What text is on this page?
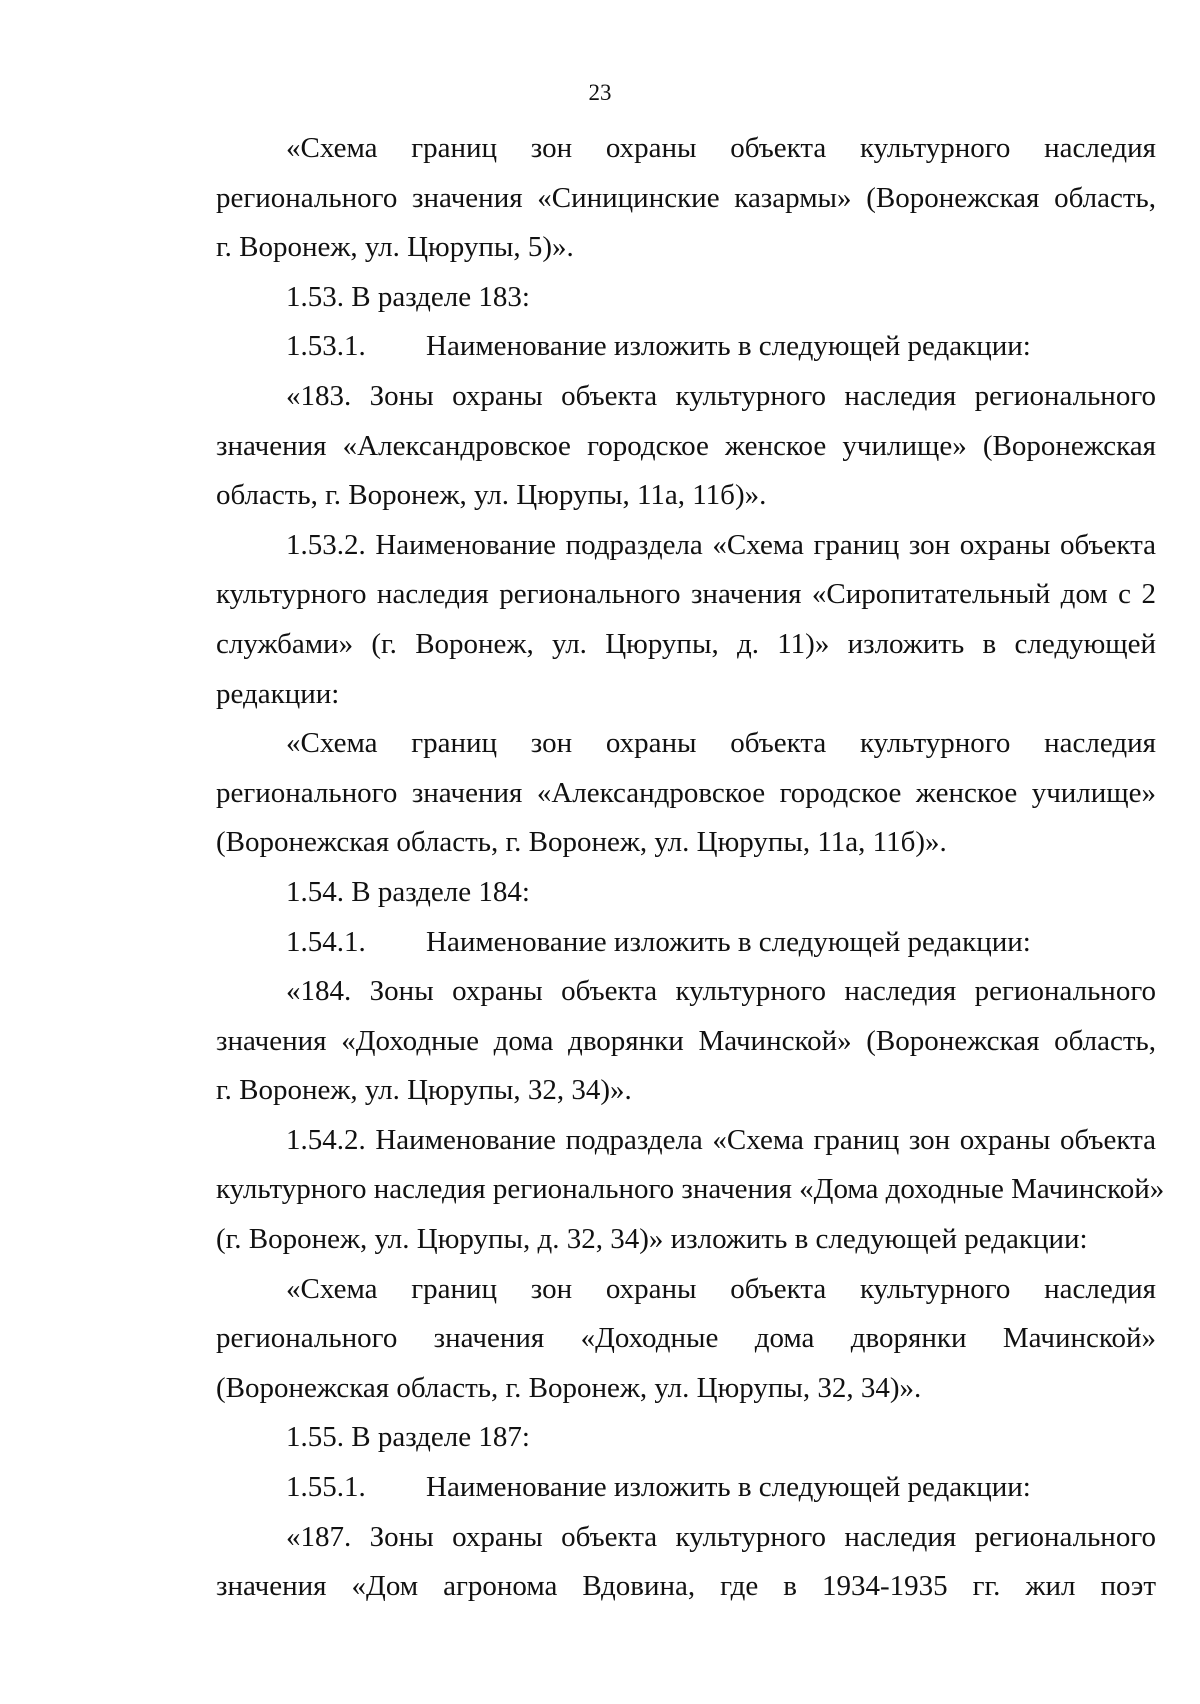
23
«Схема границ зон охраны объекта культурного наследия
регионального значения «Синицинские казармы» (Воронежская область,
г. Воронеж, ул. Цюрупы, 5)».
1.53. В разделе 183:
1.53.1. Наименование изложить в следующей редакции:
«183. Зоны охраны объекта культурного наследия регионального
значения «Александровское городское женское училище» (Воронежская
область, г. Воронеж, ул. Цюрупы, 11а, 11б)».
1.53.2. Наименование подраздела «Схема границ зон охраны объекта
культурного наследия регионального значения «Сиропитательный дом с 2
службами» (г. Воронеж, ул. Цюрупы, д. 11)» изложить в следующей
редакции:
«Схема границ зон охраны объекта культурного наследия
регионального значения «Александровское городское женское училище»
(Воронежская область, г. Воронеж, ул. Цюрупы, 11а, 11б)».
1.54. В разделе 184:
1.54.1. Наименование изложить в следующей редакции:
«184. Зоны охраны объекта культурного наследия регионального
значения «Доходные дома дворянки Мачинской» (Воронежская область,
г. Воронеж, ул. Цюрупы, 32, 34)».
1.54.2. Наименование подраздела «Схема границ зон охраны объекта
культурного наследия регионального значения «Дома доходные Мачинской»
(г. Воронеж, ул. Цюрупы, д. 32, 34)» изложить в следующей редакции:
«Схема границ зон охраны объекта культурного наследия
регионального значения «Доходные дома дворянки Мачинской»
(Воронежская область, г. Воронеж, ул. Цюрупы, 32, 34)».
1.55. В разделе 187:
1.55.1. Наименование изложить в следующей редакции:
«187. Зоны охраны объекта культурного наследия регионального
значения «Дом агронома Вдовина, где в 1934-1935 гг. жил поэт
